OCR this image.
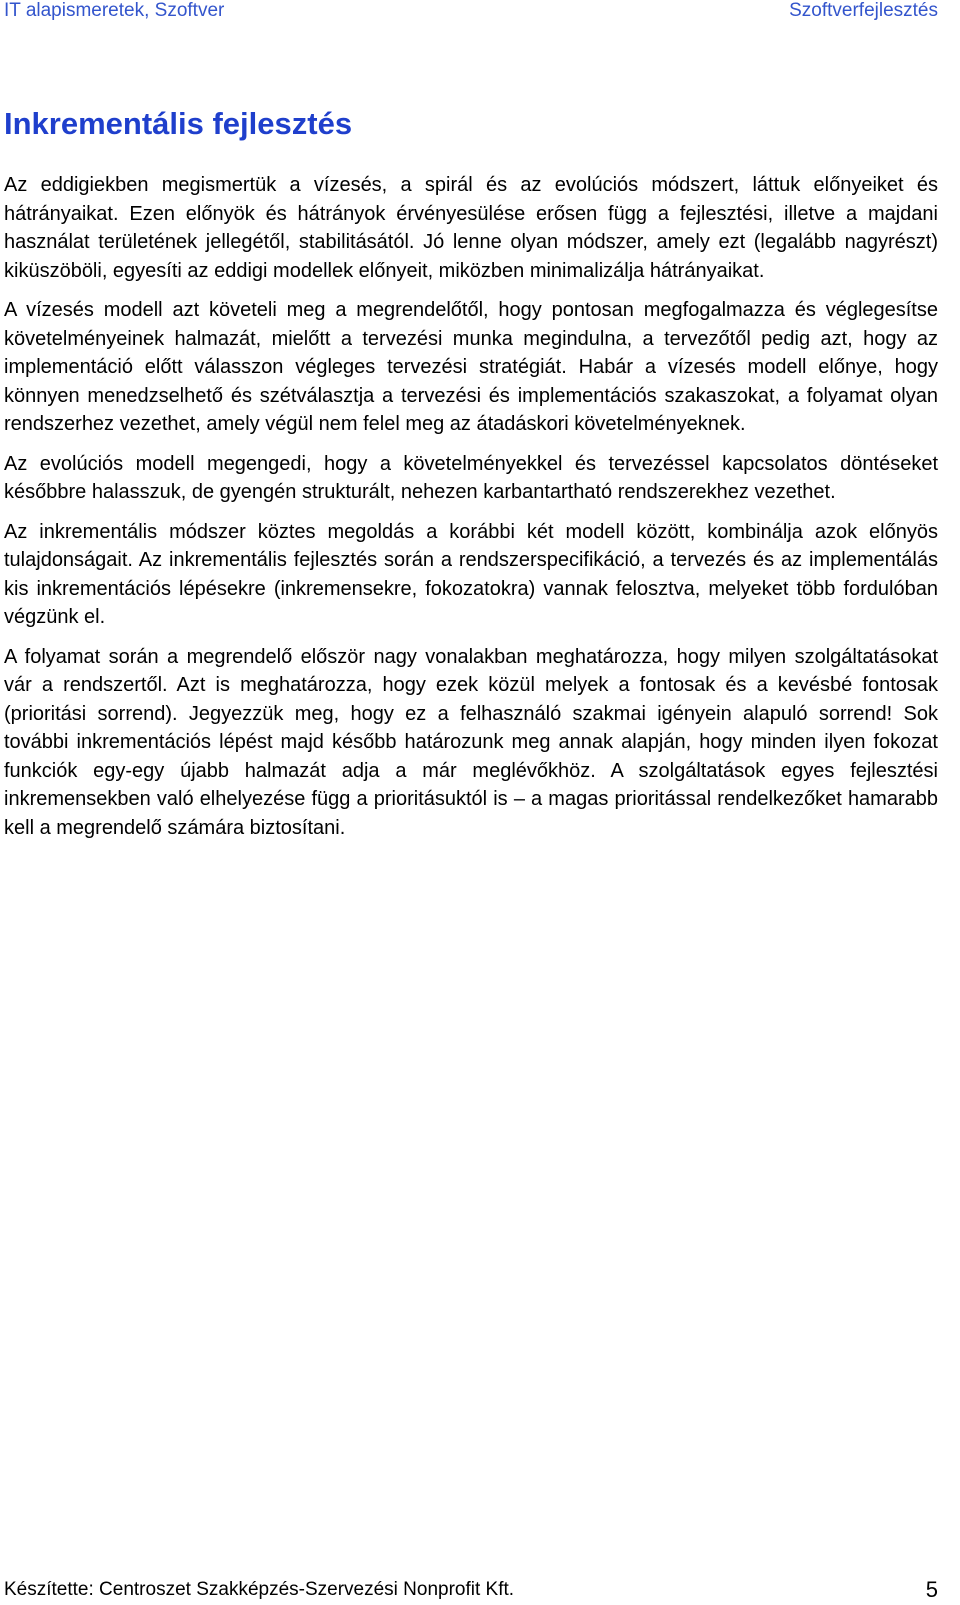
IT alapismeretek, Szoftver	Szoftverfejlesztés
Inkrementális fejlesztés

Az eddigiekben megismertük a vízesés, a spirál és az evolúciós módszert, láttuk előnyeiket és hátrányaikat. Ezen előnyök és hátrányok érvényesülése erősen függ a fejlesztési, illetve a majdani használat területének jellegétől, stabilitásától. Jó lenne olyan módszer, amely ezt (legalább nagyrészt) kiküszöböli, egyesíti az eddigi modellek előnyeit, miközben minimalizálja hátrányaikat.

A vízesés modell azt követeli meg a megrendelőtől, hogy pontosan megfogalmazza és véglegesítse követelményeinek halmazát, mielőtt a tervezési munka megindulna, a tervezőtől pedig azt, hogy az implementáció előtt válasszon végleges tervezési stratégiát. Habár a vízesés modell előnye, hogy könnyen menedzselhető és szétválasztja a tervezési és implementációs szakaszokat, a folyamat olyan rendszerhez vezethet, amely végül nem felel meg az átadáskori követelményeknek.

Az evolúciós modell megengedi, hogy a követelményekkel és tervezéssel kapcsolatos döntéseket későbbre halasszuk, de gyengén strukturált, nehezen karbantartható rendszerekhez vezethet.

Az inkrementális módszer köztes megoldás a korábbi két modell között, kombinálja azok előnyös tulajdonságait. Az inkrementális fejlesztés során a rendszerspecifikáció, a tervezés és az implementálás kis inkrementációs lépésekre (inkremensekre, fokozatokra) vannak felosztva, melyeket több fordulóban végzünk el.

A folyamat során a megrendelő először nagy vonalakban meghatározza, hogy milyen szolgáltatásokat vár a rendszertől. Azt is meghatározza, hogy ezek közül melyek a fontosak és a kevésbé fontosak (prioritási sorrend). Jegyezzük meg, hogy ez a felhasználó szakmai igényein alapuló sorrend! Sok további inkrementációs lépést majd később határozunk meg annak alapján, hogy minden ilyen fokozat funkciók egy-egy újabb halmazát adja a már meglévőkhöz. A szolgáltatások egyes fejlesztési inkremensekben való elhelyezése függ a prioritásuktól is – a magas prioritással rendelkezőket hamarabb kell a megrendelő számára biztosítani.

Készítette: Centroszet Szakképzés-Szervezési Nonprofit Kft.	5
